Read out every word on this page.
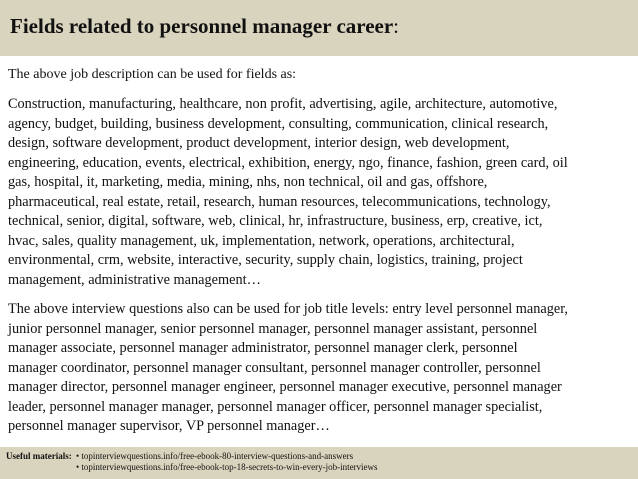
Fields related to personnel manager career:
The above job description can be used for fields as:
Construction, manufacturing, healthcare, non profit, advertising, agile, architecture, automotive,
agency, budget, building, business development, consulting, communication, clinical research,
design, software development, product development, interior design, web development,
engineering, education, events, electrical, exhibition, energy, ngo, finance, fashion, green card, oil
gas, hospital, it, marketing, media, mining, nhs, non technical, oil and gas, offshore,
pharmaceutical, real estate, retail, research, human resources, telecommunications, technology,
technical, senior, digital, software, web, clinical, hr, infrastructure, business, erp, creative, ict,
hvac, sales, quality management, uk, implementation, network, operations, architectural,
environmental, crm, website, interactive, security, supply chain, logistics, training, project
management, administrative management…
The above interview questions also can be used for job title levels: entry level personnel manager,
junior personnel manager, senior personnel manager, personnel manager assistant, personnel
manager associate, personnel manager administrator, personnel manager clerk, personnel
manager coordinator, personnel manager consultant, personnel manager controller, personnel
manager director, personnel manager engineer, personnel manager executive, personnel manager
leader, personnel manager manager, personnel manager officer, personnel manager specialist,
personnel manager supervisor, VP personnel manager…
Useful materials: • topinterviewquestions.info/free-ebook-80-interview-questions-and-answers
• topinterviewquestions.info/free-ebook-top-18-secrets-to-win-every-job-interviews
